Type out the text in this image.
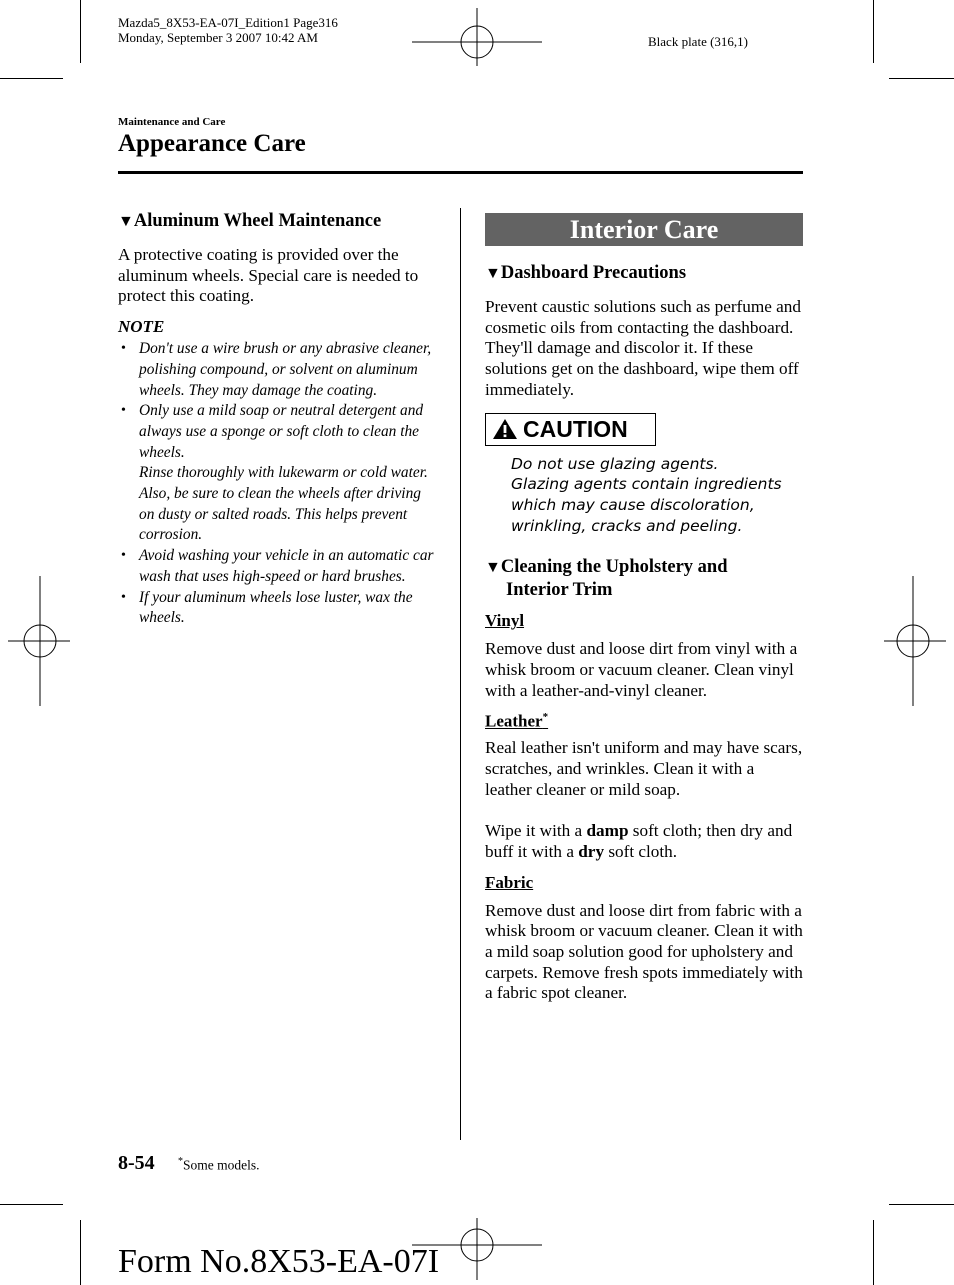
Mazda5_8X53-EA-07I_Edition1 Page316
Monday, September 3 2007 10:42 AM	Black plate (316,1)
Maintenance and Care
Appearance Care
▼Aluminum Wheel Maintenance

A protective coating is provided over the aluminum wheels. Special care is needed to protect this coating.

NOTE
• Don't use a wire brush or any abrasive cleaner, polishing compound, or solvent on aluminum wheels. They may damage the coating.
• Only use a mild soap or neutral detergent and always use a sponge or soft cloth to clean the wheels.
Rinse thoroughly with lukewarm or cold water. Also, be sure to clean the wheels after driving on dusty or salted roads. This helps prevent corrosion.
• Avoid washing your vehicle in an automatic car wash that uses high-speed or hard brushes.
• If your aluminum wheels lose luster, wax the wheels.
Interior Care
▼Dashboard Precautions

Prevent caustic solutions such as perfume and cosmetic oils from contacting the dashboard. They'll damage and discolor it. If these solutions get on the dashboard, wipe them off immediately.

CAUTION
Do not use glazing agents.
Glazing agents contain ingredients which may cause discoloration, wrinkling, cracks and peeling.
▼Cleaning the Upholstery and
Interior Trim
Vinyl

Remove dust and loose dirt from vinyl with a whisk broom or vacuum cleaner. Clean vinyl with a leather-and-vinyl cleaner.

Leather*

Real leather isn't uniform and may have scars, scratches, and wrinkles. Clean it with a leather cleaner or mild soap.

Wipe it with a damp soft cloth; then dry and buff it with a dry soft cloth.

Fabric

Remove dust and loose dirt from fabric with a whisk broom or vacuum cleaner. Clean it with a mild soap solution good for upholstery and carpets. Remove fresh spots immediately with a fabric spot cleaner.

8-54 *Some models.
Form No.8X53-EA-07I
